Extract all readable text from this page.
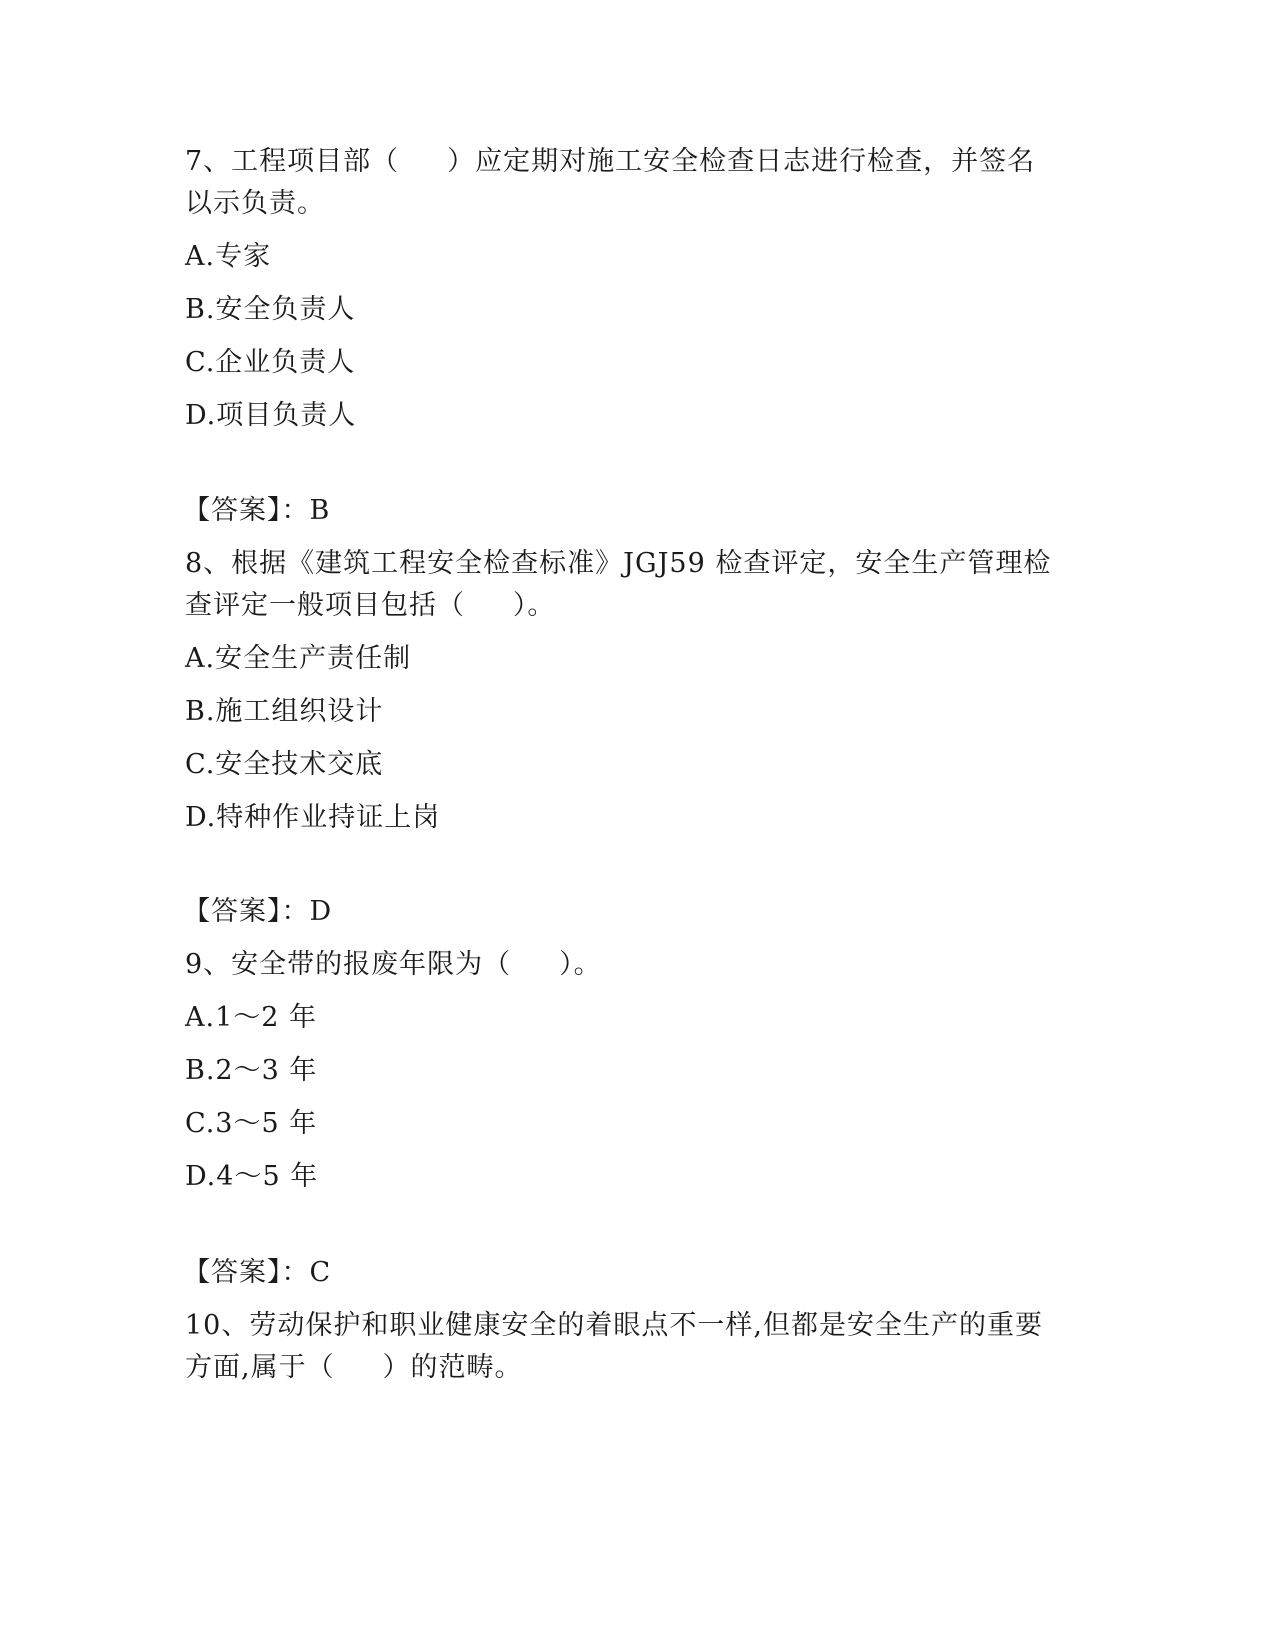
7、工程项目部（     ）应定期对施工安全检查日志进行检查，并签名
以示负责。
A.专家
B.安全负责人
C.企业负责人
D.项目负责人
【答案】：B
8、根据《建筑工程安全检查标准》JGJ59 检查评定，安全生产管理检
查评定一般项目包括（     ）。
A.安全生产责任制
B.施工组织设计
C.安全技术交底
D.特种作业持证上岗
【答案】：D
9、安全带的报废年限为（     ）。
A.1～2 年
B.2～3 年
C.3～5 年
D.4～5 年
【答案】：C
10、劳动保护和职业健康安全的着眼点不一样,但都是安全生产的重要
方面,属于（     ）的范畴。
